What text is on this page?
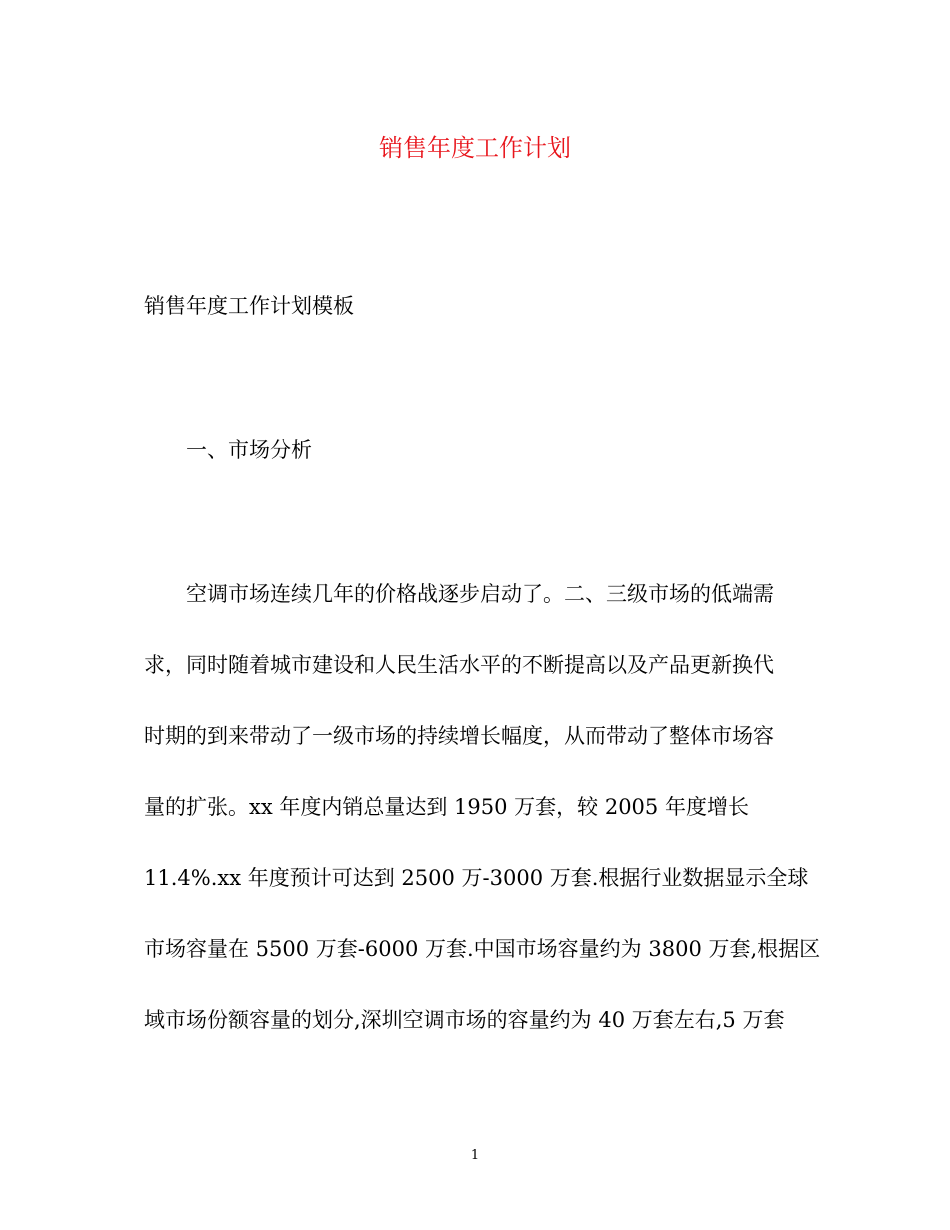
销售年度工作计划

销售年度工作计划模板

一、市场分析

空调市场连续几年的价格战逐步启动了。二、三级市场的低端需
求，同时随着城市建设和人民生活水平的不断提高以及产品更新换代
时期的到来带动了一级市场的持续增长幅度，从而带动了整体市场容
量的扩张。xx 年度内销总量达到 1950 万套，较 2005 年度增长
11.4%.xx 年度预计可达到 2500 万-3000 万套.根据行业数据显示全球
市场容量在 5500 万套-6000 万套.中国市场容量约为 3800 万套,根据区
域市场份额容量的划分,深圳空调市场的容量约为 40 万套左右,5 万套
1
